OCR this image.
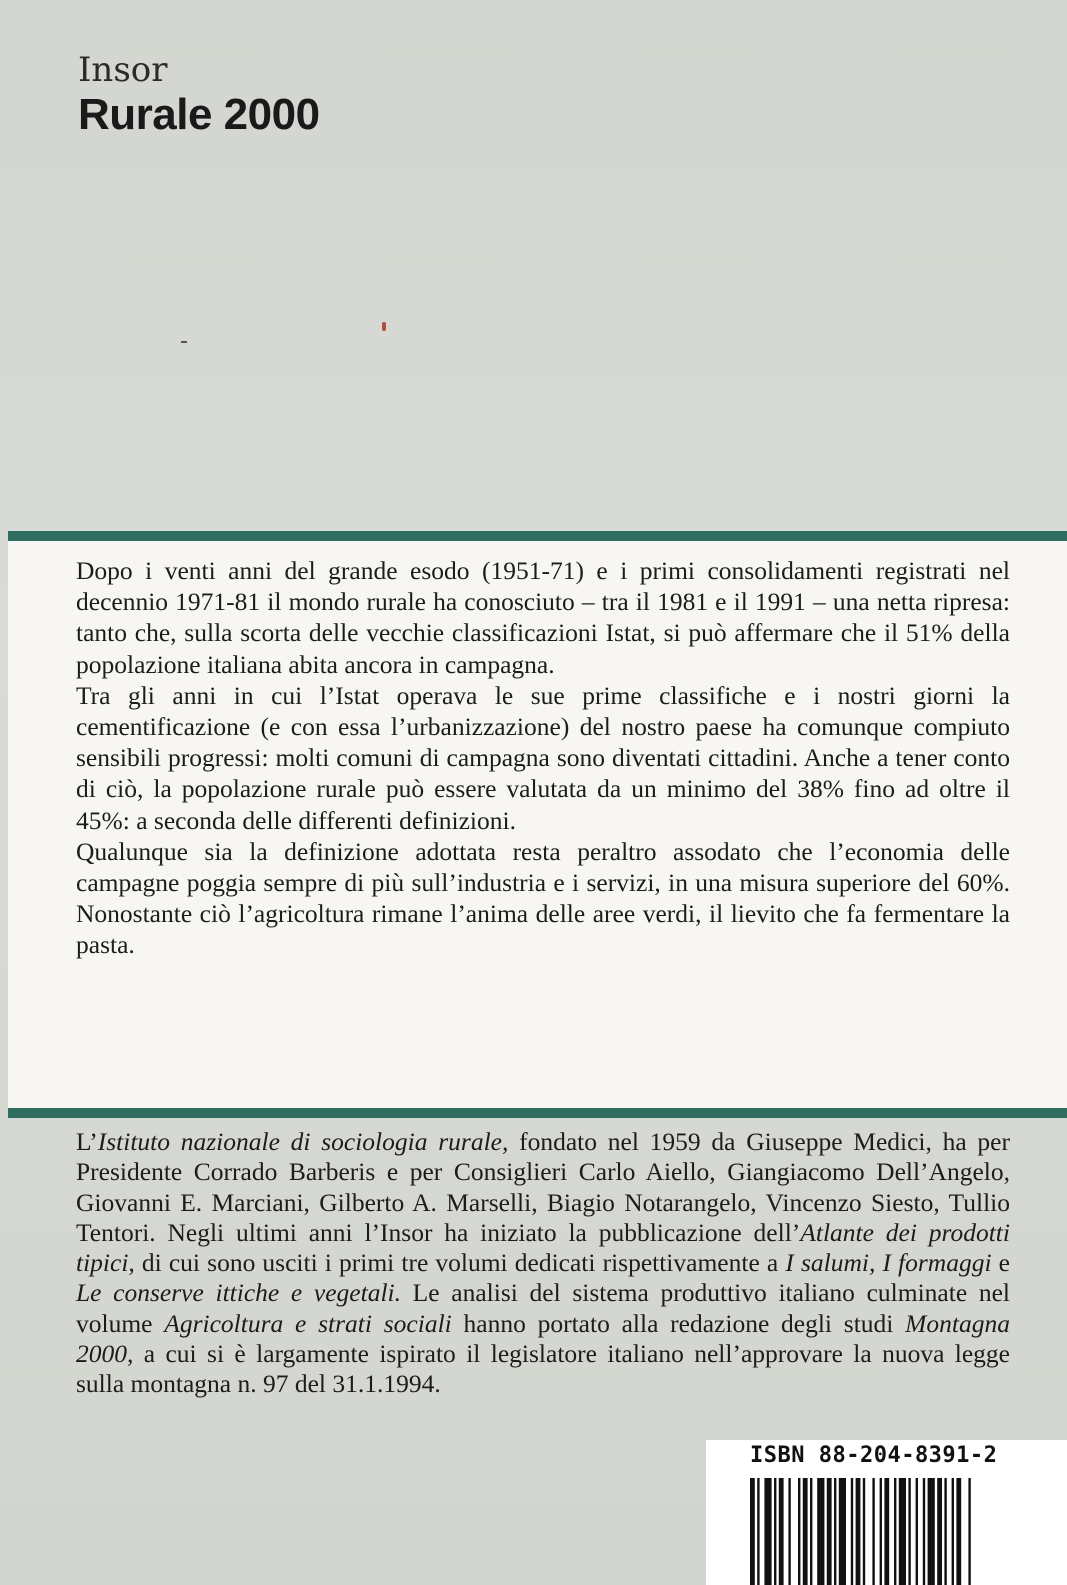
Insor
Rurale 2000

Dopo i venti anni del grande esodo (1951-71) e i primi consolidamenti registrati nel decennio 1971-81 il mondo rurale ha conosciuto – tra il 1981 e il 1991 – una netta ripresa: tanto che, sulla scorta delle vecchie classificazioni Istat, si può affermare che il 51% della popolazione italiana abita ancora in campagna.

Tra gli anni in cui l’Istat operava le sue prime classifiche e i nostri giorni la cementificazione (e con essa l’urbanizzazione) del nostro paese ha comunque compiuto sensibili progressi: molti comuni di campagna sono diventati cittadini. Anche a tener conto di ciò, la popolazione rurale può essere valutata da un minimo del 38% fino ad oltre il 45%: a seconda delle differenti definizioni.

Qualunque sia la definizione adottata resta peraltro assodato che l’economia delle campagne poggia sempre di più sull’industria e i servizi, in una misura superiore del 60%. Nonostante ciò l’agricoltura rimane l’anima delle aree verdi, il lievito che fa fermentare la pasta.

L’Istituto nazionale di sociologia rurale, fondato nel 1959 da Giuseppe Medici, ha per Presidente Corrado Barberis e per Consiglieri Carlo Aiello, Giangiacomo Dell’Angelo, Giovanni E. Marciani, Gilberto A. Marselli, Biagio Notarangelo, Vincenzo Siesto, Tullio Tentori. Negli ultimi anni l’Insor ha iniziato la pubblicazione dell’Atlante dei prodotti tipici, di cui sono usciti i primi tre volumi dedicati rispettivamente a I salumi, I formaggi e Le conserve ittiche e vegetali. Le analisi del sistema produttivo italiano culminate nel volume Agricoltura e strati sociali hanno portato alla redazione degli studi Montagna 2000, a cui si è largamente ispirato il legislatore italiano nell’approvare la nuova legge sulla montagna n. 97 del 31.1.1994.

ISBN 88-204-8391-2
